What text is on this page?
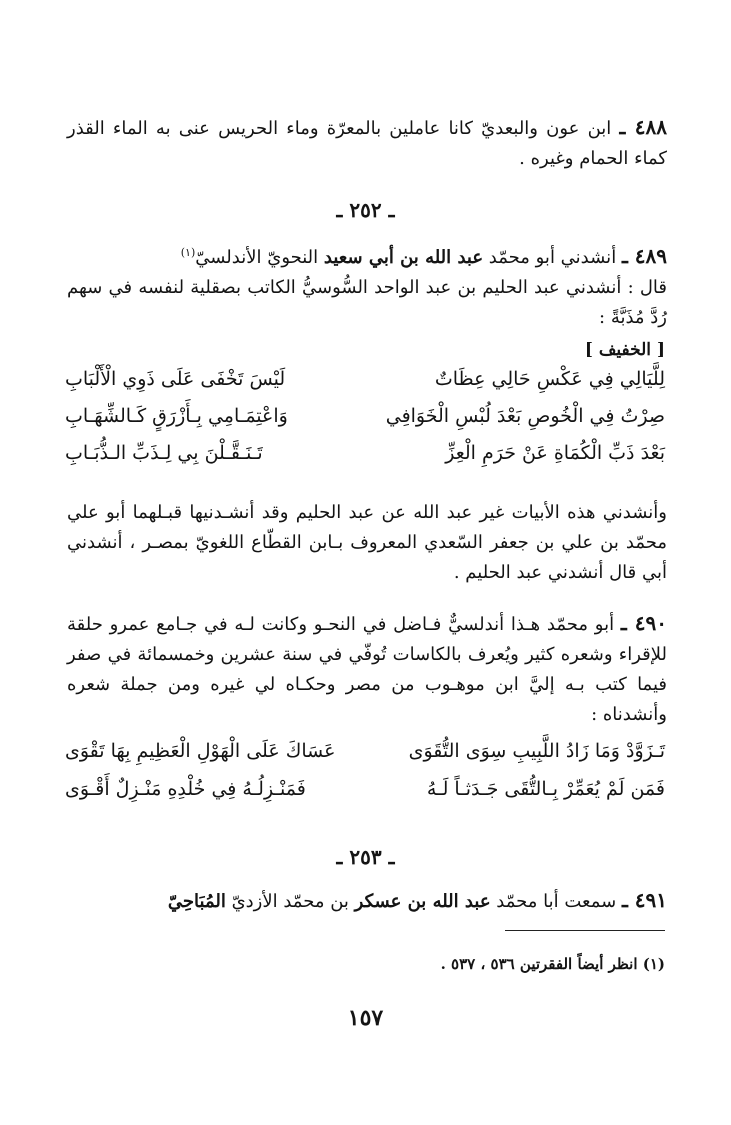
٤٨٨ ـ ابن عون والبعديّ كانا عاملين بالمعرّة وماء الحريس عنى به الماء القذر كماء الحمام وغيره .
ـ ٢٥٢ ـ
٤٨٩ ـ أنشدني أبو محمّد عبد الله بن أبي سعيد النحويّ الأندلسيّ$^{(١)}$
قال : أنشدني عبد الحليم بن عبد الواحد السُّوسيُّ الكاتب بصقلية لنفسه في سهم رُدَّ مُذَبَّةً :
[ الخفيف ]
لِلَّيَالِي فِي عَكْسِ حَالِي عِظَاتٌ
لَيْسَ تَخْفَى عَلَى ذَوِي الْأَلْبَابِ
صِرْتُ فِي الْخُوصِ بَعْدَ لُبْسِ الْخَوَافِي
وَاعْتِمَـامِي بِـأَزْرَقٍ كَـالشِّهَـابِ
بَعْدَ ذَبِّ الْكُمَاةِ عَنْ حَرَمِ الْعِزِّ
تَـنَـقَّـلْنَ بِي لِـذَبِّ الـذُّبَـابِ
وأنشدني هذه الأبيات غير عبد الله عن عبد الحليم وقد أنشـدنيها قبـلهما أبو علي محمّد بن علي بن جعفر السّعدي المعروف بـابن القطّاع اللغويّ بمصـر ، أنشدني أبي قال أنشدني عبد الحليم .
٤٩٠ ـ أبو محمّد هـذا أندلسيٌّ فـاضل في النحـو وكانت لـه في جـامع عمرو حلقة للإقراء وشعره كثير ويُعرف بالكاسات تُوفّي في سنة عشرين وخمسمائة في صفر فيما كتب بـه إليَّ ابن موهـوب من مصر وحكـاه لي غيره ومن جملة شعره وأنشدناه :
تَـزَوَّدْ وَمَا زَادُ اللَّبِيبِ سِوَى التُّقَوَى
عَسَاكَ عَلَى الْهَوْلِ الْعَظِيمِ بِهَا تَقْوَى
فَمَن لَمْ يُعَمِّرْ بِـالتُّقَى جَـدَثـاً لَـهُ
فَمَنْـزِلُـهُ فِي خُلْدِهِ مَنْـزِلٌ أَقْـوَى
ـ ٢٥٣ ـ
٤٩١ ـ سمعت أبا محمّد عبد الله بن عسكر بن محمّد الأزديّ المُبَاحِيّ
(١) انظر أيضاً الفقرتين ٥٣٦ ، ٥٣٧ .
١٥٧
